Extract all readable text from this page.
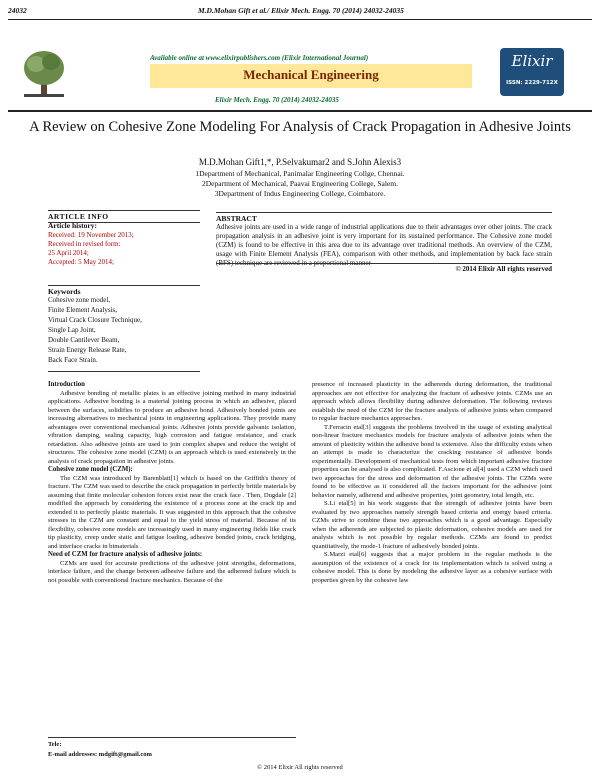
24032	M.D.Mohan Gift et al./ Elixir Mech. Engg. 70 (2014) 24032-24035
Elixir
ISSN: 2229-712X
Available online at www.elixirpublishers.com (Elixir International Journal)
Mechanical Engineering
Elixir Mech. Engg. 70 (2014) 24032-24035
A Review on Cohesive Zone Modeling For Analysis of Crack Propagation in Adhesive Joints
M.D.Mohan Gift1,*, P.Selvakumar2 and S.John Alexis3
1Department of Mechanical, Panimalar Engineering Collge, Chennai.
2Department of Mechanical, Paavai Engineering College, Salem.
3Department of Indus Engineering College, Coimbatore.
ARTICLE INFO
Article history:
Received: 19 November 2013;
Received in revised form:
25 April 2014;
Accepted: 5 May 2014;
Keywords
Cohesive zone model,
Finite Element Analysis,
Virtual Crack Closure Technique,
Single Lap Joint,
Double Cantilever Beam,
Strain Energy Release Rate,
Back Face Strain.
ABSTRACT
Adhesive joints are used in a wide range of industrial applications due to their advantages over other joints. The crack propagation analysis in an adhesive joint is very important for its sustained performance. The Cohesive zone model (CZM) is found to be effective in this area due to its advantage over traditional methods. An overview of the CZM, usage with Finite Element Analysis (FEA), comparison with other methods, and implementation by back face strain (BFS) technique are reviewed in a proportional manner
© 2014 Elixir All rights reserved
Introduction

Adhesive bonding of metallic plates is an effective joining method in many industrial applications. Adhesive bonding is a material joining process in which an adhesive, placed between the surfaces, solidifies to produce an adhesive bond. Adhesively bonded joints are increasing alternatives to mechanical joints in engineering applications. They provide many advantages over conventional mechanical joints. Adhesive joints provide galvanic isolation, vibration damping, sealing capacity, high corrosion and fatigue resistance, and crack retardation. Also adhesive joints are used to join complex shapes and reduce the weight of structures. The cohesive zone model (CZM) is an approach which is used extensively in the analysis of crack propagation in adhesive joints.

Cohesive zone model (CZM):

The CZM was introduced by Barenblatt[1] which is based on the Griffith's theory of fracture. The CZM was used to describe the crack propagation in perfectly brittle materials by assuming that finite molecular cohesion forces exist near the crack face . Then, Dugdale [2] modified the approach by considering the existence of a process zone at the crack tip and extended it to perfectly plastic materials. It was suggested in this approach that the cohesive stresses in the CZM are constant and equal to the yield stress of material. Because of its flexibility, cohesive zone models are increasingly used in many engineering fields like crack tip plasticity, creep under static and fatigue loading, adhesive bonded joints, crack bridging, and interface cracks in bimaterials .

Need of CZM for fracture analysis of adhesive joints:

CZMs are used for accurate predictions of the adhesive joint strengths, deformations, interface failure, and the change between adhesive failure and the adherend failure which is not possible with conventional fracture mechanics. Because of the

presence of increased plasticity in the adherends during deformation, the traditional approaches are not effective for analyzing the fracture of adhesive joints. CZMs use an approach which allows flexibility during adhesive deformation. The following reviews establish the need of the CZM for the fracture analysis of adhesive joints when compared to regular fracture mechanics approaches.

T.Ferracin etal[3] suggests the problems involved in the usage of existing analytical non-linear fracture mechanics models for fracture analysis of adhesive joints when the amount of plasticity within the adhesive bond is extensive. Also the difficulty exists when an attempt is made to characterize the cracking resistance of adhesive bonds experimentally. Development of mechanical tests from which important adhesive fracture properties can be analysed is also complicated. F.Ascione et al[4] used a CZM which used two approaches for the stress and deformation of the adhesive joints. The CZMs were found to be effective as it considered all the factors important for the adhesive joint behavior namely, adherend and adhesive properties, joint geometry, total length, etc.

S.Li etal[5] in his work suggests that the strength of adhesive joints have been evaluated by two approaches namely strength based criteria and energy based criteria. CZMs strive to combine these two approaches which is a good advantage. Especially when the adherends are subjected to plastic deformation, cohesive models are used for analysis which is not possible by regular methods. CZMs are found to predict quantitatively, the mode-1 fracture of adhesively bonded joints.

S.Marzi etal[6] suggests that a major problem in the regular methods is the assumption of the existence of a crack for its implementation which is solved using a cohesive model. This is done by modeling the adhesive layer as a cohesive surface with properties given by the cohesive law

Tele:
E-mail addresses: mdgift@gmail.com
© 2014 Elixir All rights reserved
